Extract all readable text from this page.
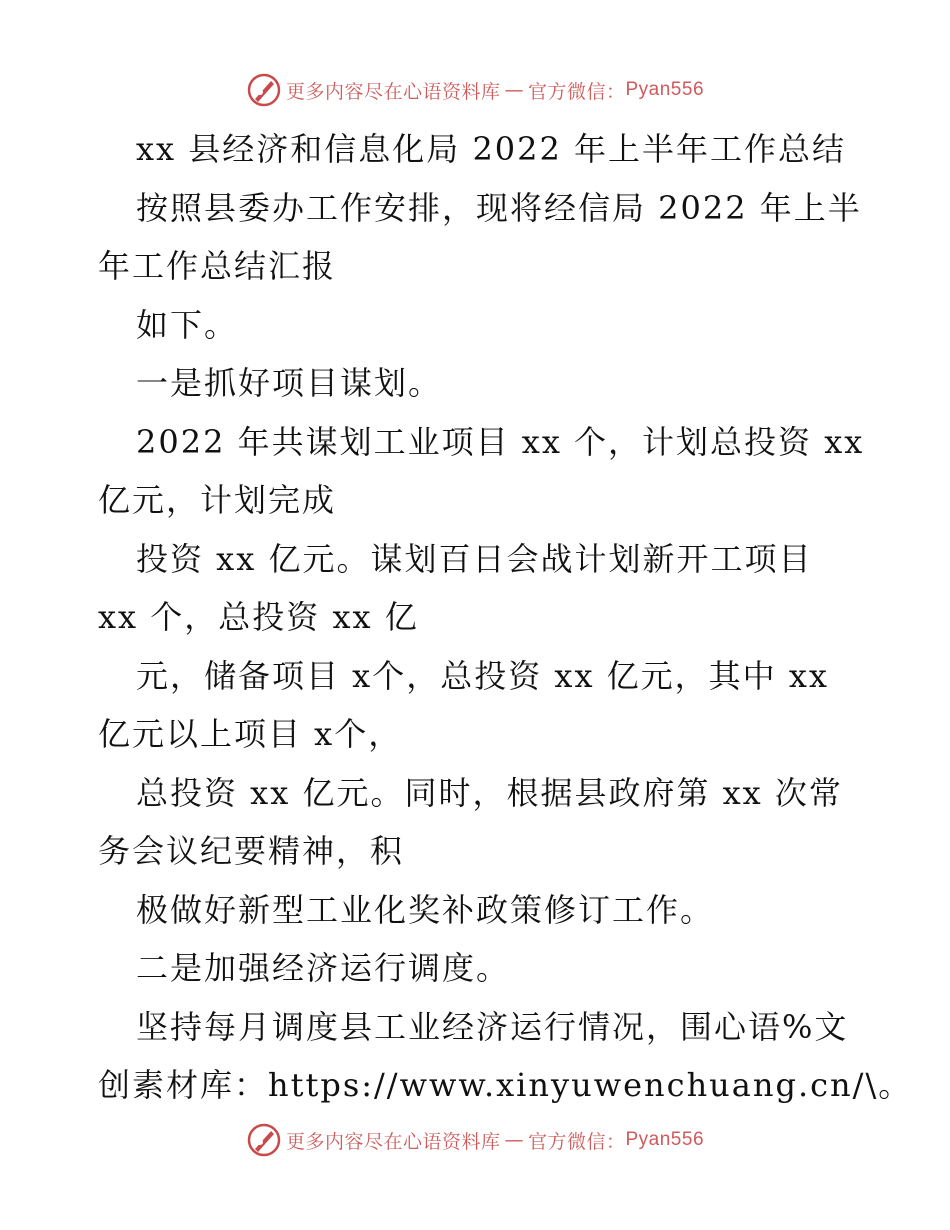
更多内容尽在心语资料库 — 官方微信： Pyan556
xx 县经济和信息化局 2022 年上半年工作总结
按照县委办工作安排，现将经信局 2022 年上半
年工作总结汇报
如下。
一是抓好项目谋划。
2022 年共谋划工业项目 xx 个，计划总投资 xx
亿元，计划完成
投资 xx 亿元。谋划百日会战计划新开工项目
xx 个，总投资 xx 亿
元，储备项目 x个，总投资 xx 亿元，其中 xx
亿元以上项目 x个，
总投资 xx 亿元。同时，根据县政府第 xx 次常
务会议纪要精神，积
极做好新型工业化奖补政策修订工作。
二是加强经济运行调度。
坚持每月调度县工业经济运行情况，围心语%文
创素材库：https://www.xinyuwenchuang.cn/\。
更多内容尽在心语资料库 — 官方微信： Pyan556
